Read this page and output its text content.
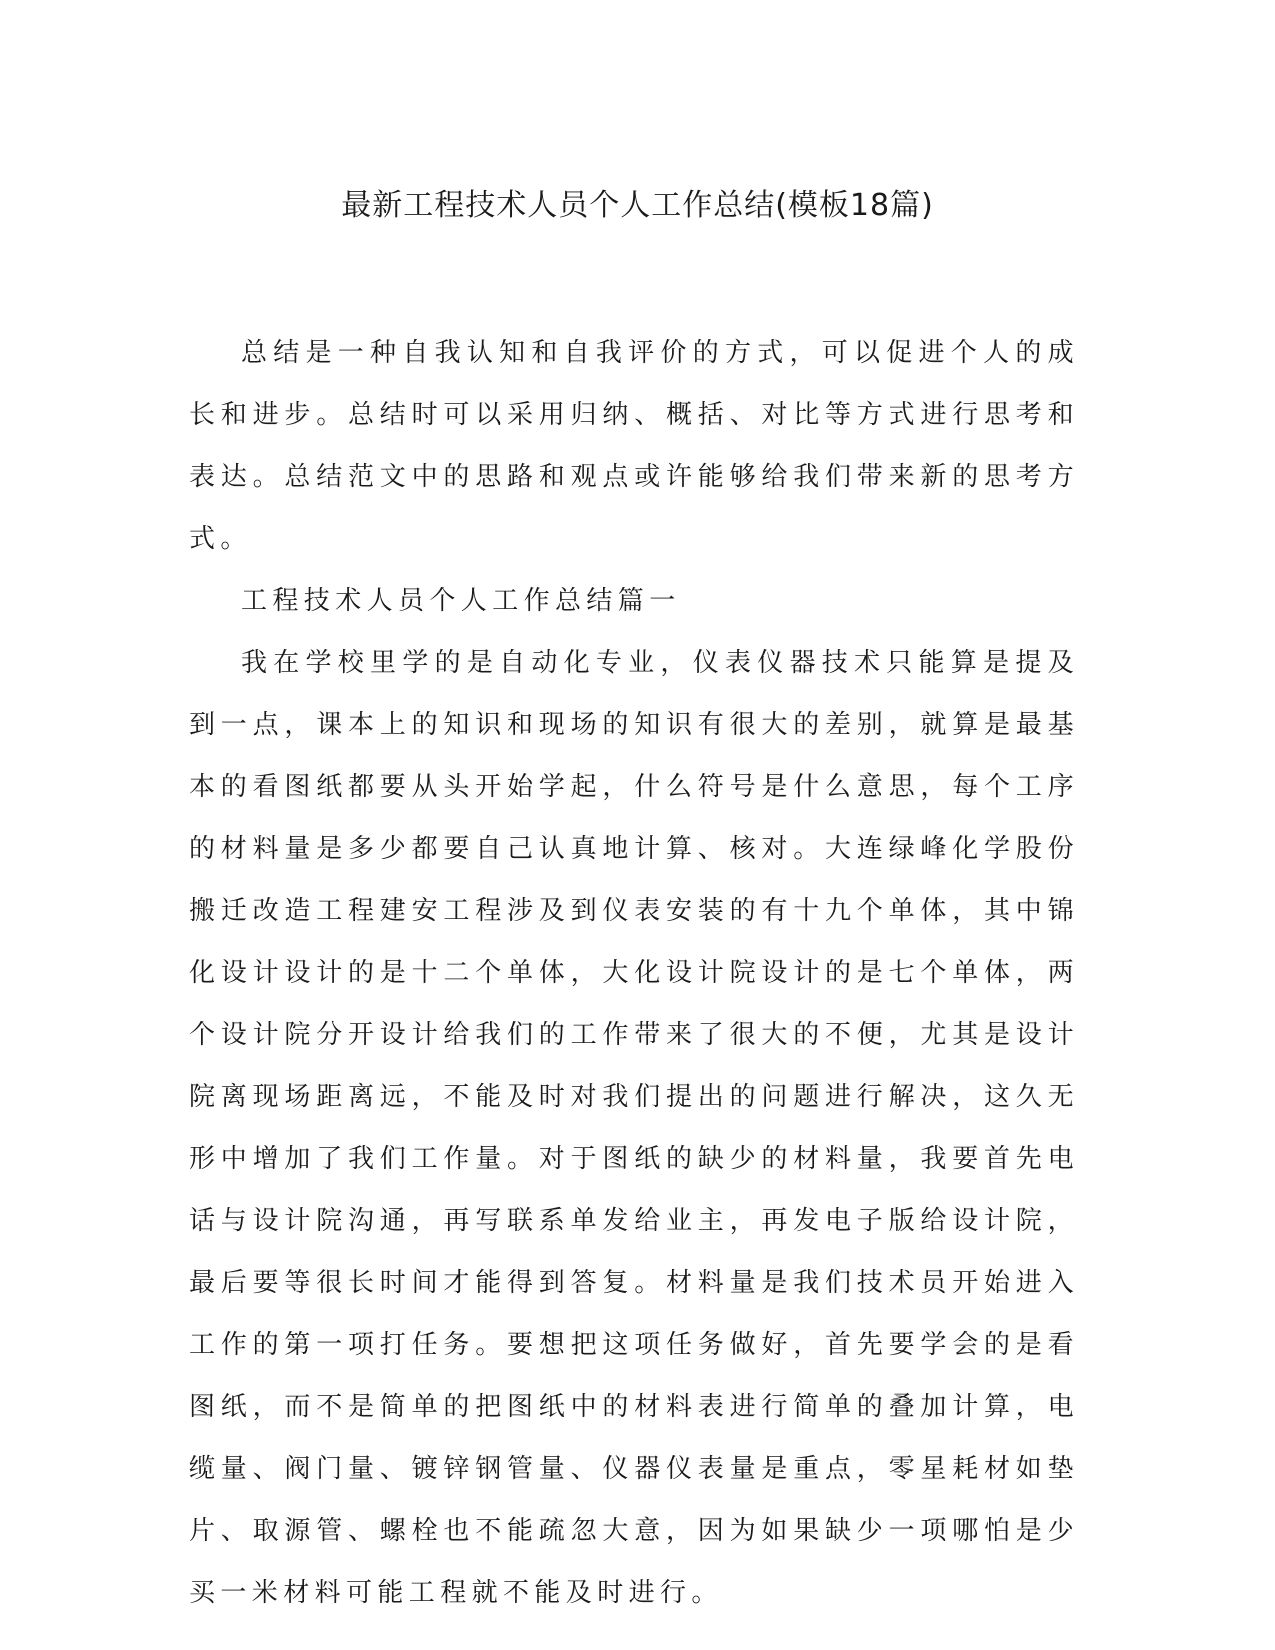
最新工程技术人员个人工作总结(模板18篇)

总结是一种自我认知和自我评价的方式，可以促进个人的成长和进步。总结时可以采用归纳、概括、对比等方式进行思考和表达。总结范文中的思路和观点或许能够给我们带来新的思考方式。

工程技术人员个人工作总结篇一

我在学校里学的是自动化专业，仪表仪器技术只能算是提及到一点，课本上的知识和现场的知识有很大的差别，就算是最基本的看图纸都要从头开始学起，什么符号是什么意思，每个工序的材料量是多少都要自己认真地计算、核对。大连绿峰化学股份搬迁改造工程建安工程涉及到仪表安装的有十九个单体，其中锦化设计设计的是十二个单体，大化设计院设计的是七个单体，两个设计院分开设计给我们的工作带来了很大的不便，尤其是设计院离现场距离远，不能及时对我们提出的问题进行解决，这久无形中增加了我们工作量。对于图纸的缺少的材料量，我要首先电话与设计院沟通，再写联系单发给业主，再发电子版给设计院，最后要等很长时间才能得到答复。材料量是我们技术员开始进入工作的第一项打任务。要想把这项任务做好，首先要学会的是看图纸，而不是简单的把图纸中的材料表进行简单的叠加计算，电缆量、阀门量、镀锌钢管量、仪器仪表量是重点，零星耗材如垫片、取源管、螺栓也不能疏忽大意，因为如果缺少一项哪怕是少买一米材料可能工程就不能及时进行。
